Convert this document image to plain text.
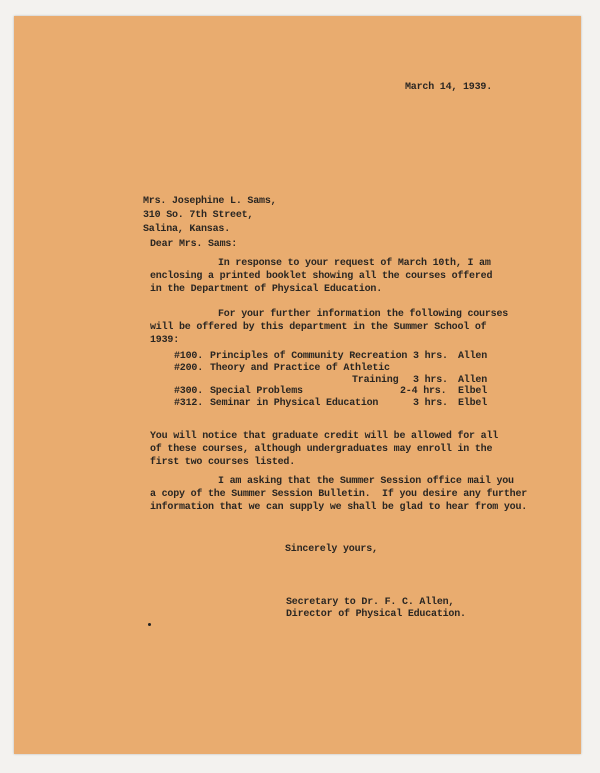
March 14, 1939.
Mrs. Josephine L. Sams,
310 So. 7th Street,
Salina, Kansas.
Dear Mrs. Sams:
In response to your request of March 10th, I am
enclosing a printed booklet showing all the courses offered
in the Department of Physical Education.
For your further information the following courses
will be offered by this department in the Summer School of
1939:
#100. Principles of Community Recreation 3 hrs. Allen
#200. Theory and Practice of Athletic
Training 3 hrs. Allen
#300. Special Problems	2-4 hrs. Elbel
#312. Seminar in Physical Education	3 hrs. Elbel
You will notice that graduate credit will be allowed for all
of these courses, although undergraduates may enroll in the
first two courses listed.
I am asking that the Summer Session office mail you
a copy of the Summer Session Bulletin.  If you desire any further
information that we can supply we shall be glad to hear from you.
Sincerely yours,
Secretary to Dr. F. C. Allen,
Director of Physical Education.
